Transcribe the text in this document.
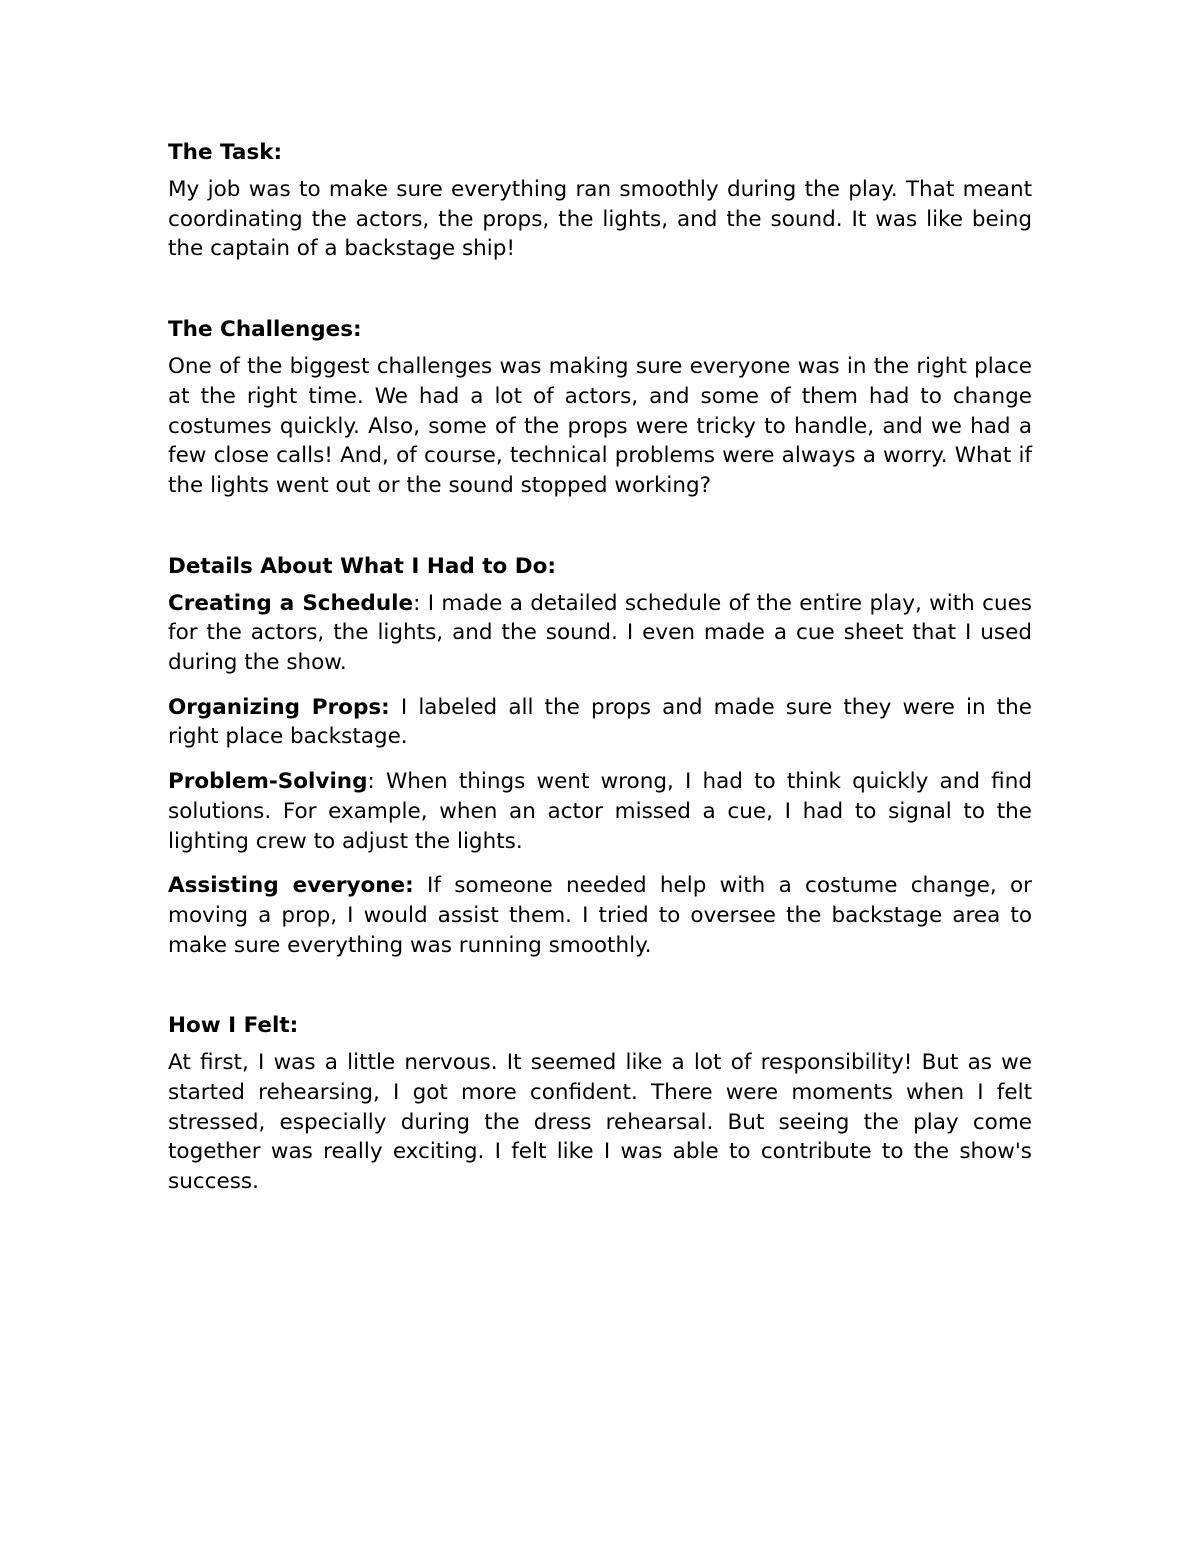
The Task:

My job was to make sure everything ran smoothly during the play. That meant coordinating the actors, the props, the lights, and the sound. It was like being the captain of a backstage ship!

The Challenges:

One of the biggest challenges was making sure everyone was in the right place at the right time. We had a lot of actors, and some of them had to change costumes quickly. Also, some of the props were tricky to handle, and we had a few close calls! And, of course, technical problems were always a worry. What if the lights went out or the sound stopped working?

Details About What I Had to Do:

Creating a Schedule: I made a detailed schedule of the entire play, with cues for the actors, the lights, and the sound. I even made a cue sheet that I used during the show.

Organizing Props: I labeled all the props and made sure they were in the right place backstage.

Problem-Solving: When things went wrong, I had to think quickly and find solutions. For example, when an actor missed a cue, I had to signal to the lighting crew to adjust the lights.

Assisting everyone: If someone needed help with a costume change, or moving a prop, I would assist them. I tried to oversee the backstage area to make sure everything was running smoothly.

How I Felt:

At first, I was a little nervous. It seemed like a lot of responsibility! But as we started rehearsing, I got more confident. There were moments when I felt stressed, especially during the dress rehearsal. But seeing the play come together was really exciting. I felt like I was able to contribute to the show's success.
